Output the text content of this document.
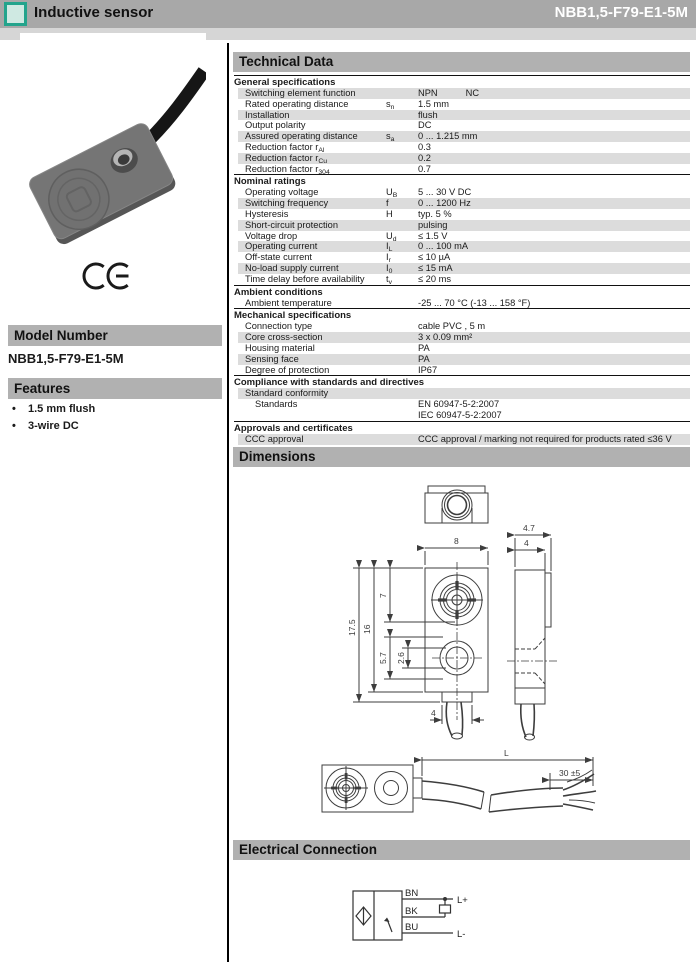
Inductive sensor	NBB1,5-F79-E1-5M
Model Number
NBB1,5-F79-E1-5M
Features
•	1.5 mm flush
•	3-wire DC
Technical Data
General specifications
Switching element function	NPN	NC
Rated operating distance	$s_n$	1.5 mm
Installation	flush
Output polarity	DC
Assured operating distance	$s_a$	0 ... 1.215 mm
Reduction factor $r_{Al}$	0.3
Reduction factor $r_{Cu}$	0.2
Reduction factor $r_{304}$	0.7
Nominal ratings
Operating voltage	$U_B$	5 ... 30 V DC
Switching frequency	f	0 ... 1200 Hz
Hysteresis	H	typ. 5 %
Short-circuit protection	pulsing
Voltage drop	$U_d$	≤ 1.5 V
Operating current	$I_L$	0 ... 100 mA
Off-state current	$I_r$	≤ 10 µA
No-load supply current	$I_0$	≤ 15 mA
Time delay before availability	$t_v$	≤ 20 ms
Ambient conditions
Ambient temperature	-25 ... 70 °C (-13 ... 158 °F)
Mechanical specifications
Connection type	cable PVC , 5 m
Core cross-section	3 x 0.09 mm²
Housing material	PA
Sensing face	PA
Degree of protection	IP67
Compliance with standards and directives
Standard conformity
Standards	EN 60947-5-2:2007
IEC 60947-5-2:2007
Approvals and certificates
CCC approval	CCC approval / marking not required for products rated ≤36 V
Dimensions
8
17.5 16
7
5.7 2.6
4
4.7
4
L
30 ±5
Electrical Connection
BN
BK
BU
L+
L-
